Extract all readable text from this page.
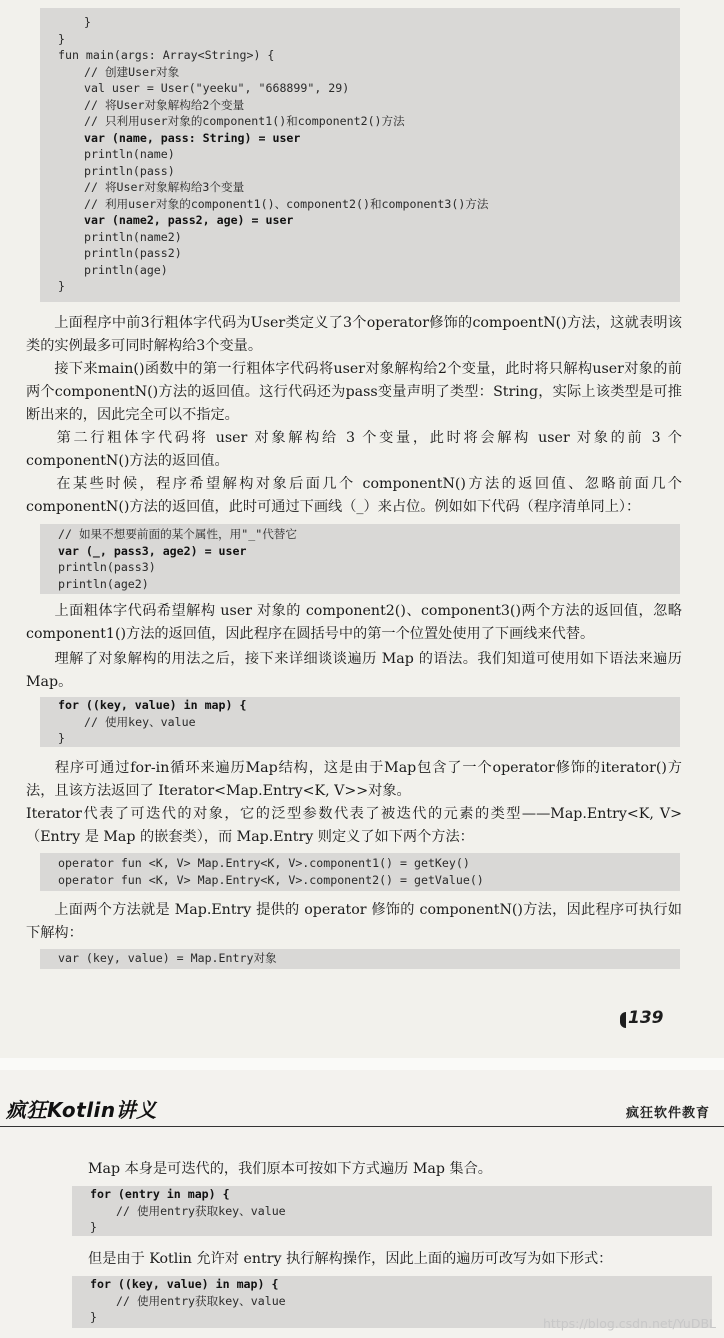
}
}
fun main(args: Array<String>) {
// 创建User对象
val user = User("yeeku", "668899", 29)
// 将User对象解构给2个变量
// 只利用user对象的component1()和component2()方法
var (name, pass: String) = user
println(name)
println(pass)
// 将User对象解构给3个变量
// 利用user对象的component1()、component2()和component3()方法
var (name2, pass2, age) = user
println(name2)
println(pass2)
println(age)
}
上面程序中前3行粗体字代码为User类定义了3个operator修饰的compoentN()方法，这就表明该类的实例最多可同时解构给3个变量。
接下来main()函数中的第一行粗体字代码将user对象解构给2个变量，此时将只解构user对象的前两个componentN()方法的返回值。这行代码还为pass变量声明了类型：String，实际上该类型是可推断出来的，因此完全可以不指定。
第二行粗体字代码将 user 对象解构给 3 个变量，此时将会解构 user 对象的前 3 个componentN()方法的返回值。
在某些时候，程序希望解构对象后面几个 componentN()方法的返回值、忽略前面几个componentN()方法的返回值，此时可通过下画线（_）来占位。例如如下代码（程序清单同上）：
// 如果不想要前面的某个属性，用"_"代替它
var (_, pass3, age2) = user
println(pass3)
println(age2)
上面粗体字代码希望解构 user 对象的 component2()、component3()两个方法的返回值，忽略 component1()方法的返回值，因此程序在圆括号中的第一个位置处使用了下画线来代替。
理解了对象解构的用法之后，接下来详细谈谈遍历 Map 的语法。我们知道可使用如下语法来遍历 Map。
for ((key, value) in map) {
// 使用key、value
}
程序可通过for-in循环来遍历Map结构，这是由于Map包含了一个operator修饰的iterator()方法，且该方法返回了 Iterator<Map.Entry<K, V>>对象。
Iterator代表了可迭代的对象，它的泛型参数代表了被迭代的元素的类型——Map.Entry<K, V>（Entry 是 Map 的嵌套类），而 Map.Entry 则定义了如下两个方法：
operator fun <K, V> Map.Entry<K, V>.component1() = getKey()
operator fun <K, V> Map.Entry<K, V>.component2() = getValue()
上面两个方法就是 Map.Entry 提供的 operator 修饰的 componentN()方法，因此程序可执行如下解构：
var (key, value) = Map.Entry对象
139
疯狂Kotlin讲义	疯狂软件教育
Map 本身是可迭代的，我们原本可按如下方式遍历 Map 集合。
for (entry in map) {
// 使用entry获取key、value
}
但是由于 Kotlin 允许对 entry 执行解构操作，因此上面的遍历可改写为如下形式：
for ((key, value) in map) {
// 使用entry获取key、value
}	https://blog.csdn.net/YuDBL
